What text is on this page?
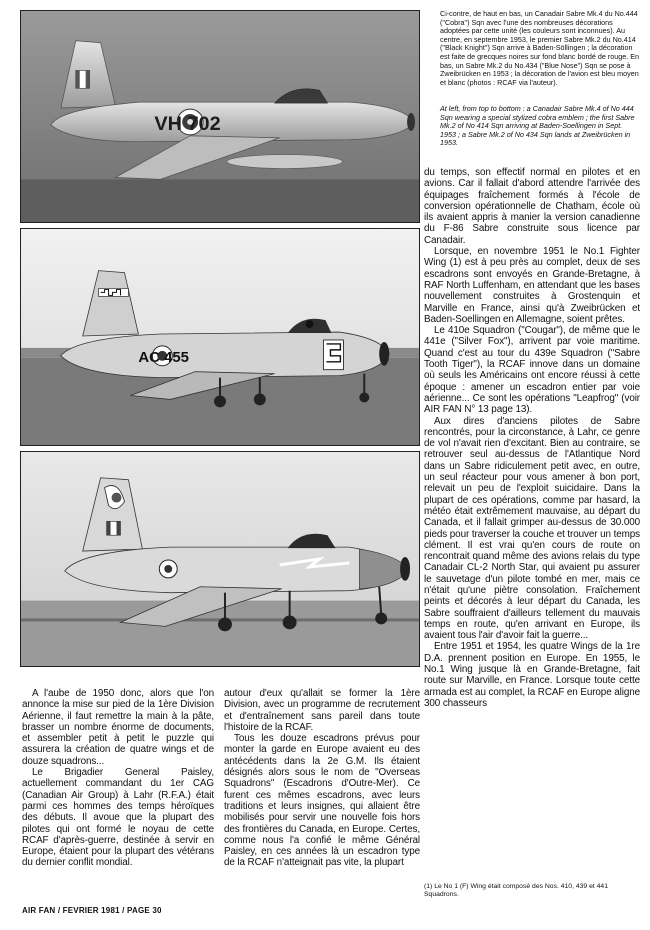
VH 702
AC 455
Ci-contre, de haut en bas, un Canadair Sabre Mk.4 du No.444 ("Cobra") Sqn avec l'une des nombreuses décorations adoptées par cette unité (les couleurs sont inconnues). Au centre, en septembre 1953, le premier Sabre Mk.2 du No.414 ("Black Knight") Sqn arrive à Baden-Söllingen ; la décoration est faite de grecques noires sur fond blanc bordé de rouge. En bas, un Sabre Mk.2 du No.434 ("Blue Nose") Sqn se pose à Zweibrücken en 1953 ; la décoration de l'avion est bleu moyen et blanc (photos : RCAF via l'auteur).
At left, from top to bottom : a Canadair Sabre Mk.4 of No 444 Sqn wearing a special stylized cobra emblem ; the first Sabre Mk.2 of No 414 Sqn arriving at Baden-Soellingen in Sept. 1953 ; a Sabre Mk.2 of No 434 Sqn lands at Zweibrücken in 1953.

du temps, son effectif normal en pilotes et en avions. Car il fallait d'abord attendre l'arrivée des équipages fraîchement formés à l'école de conversion opérationnelle de Chatham, école où ils avaient appris à manier la version canadienne du F-86 Sabre construite sous licence par Canadair.

Lorsque, en novembre 1951 le No.1 Fighter Wing (1) est à peu près au complet, deux de ses escadrons sont envoyés en Grande-Bretagne, à RAF North Luffenham, en attendant que les bases nouvellement construites à Grostenquin et Marville en France, ainsi qu'à Zweibrücken et Baden-Soellingen en Allemagne, soient prêtes.

Le 410e Squadron ("Cougar"), de même que le 441e ("Silver Fox"), arrivent par voie maritime. Quand c'est au tour du 439e Squadron ("Sabre Tooth Tiger"), la RCAF innove dans un domaine où seuls les Américains ont encore réussi à cette époque : amener un escadron entier par voie aérienne... Ce sont les opérations "Leapfrog" (voir AIR FAN N° 13 page 13).

Aux dires d'anciens pilotes de Sabre rencontrés, pour la circonstance, à Lahr, ce genre de vol n'avait rien d'excitant. Bien au contraire, se retrouver seul au-dessus de l'Atlantique Nord dans un Sabre ridiculement petit avec, en outre, un seul réacteur pour vous amener à bon port, relevait un peu de l'exploit suicidaire. Dans la plupart de ces opérations, comme par hasard, la météo était extrêmement mauvaise, au départ du Canada, et il fallait grimper au-dessus de 30.000 pieds pour traverser la couche et trouver un temps clément. Il est vrai qu'en cours de route on rencontrait quand même des avions relais du type Canadair CL-2 North Star, qui avaient pu assurer le sauvetage d'un pilote tombé en mer, mais ce n'était qu'une piètre consolation. Fraîchement peints et décorés à leur départ du Canada, les Sabre souffraient d'ailleurs tellement du mauvais temps en route, qu'en arrivant en Europe, ils avaient tous l'air d'avoir fait la guerre...

Entre 1951 et 1954, les quatre Wings de la 1re D.A. prennent position en Europe. En 1955, le No.1 Wing jusque là en Grande-Bretagne, fait route sur Marville, en France. Lorsque toute cette armada est au complet, la RCAF en Europe aligne 300 chasseurs

A l'aube de 1950 donc, alors que l'on annonce la mise sur pied de la 1ère Division Aérienne, il faut remettre la main à la pâte, brasser un nombre énorme de documents, et assembler petit à petit le puzzle qui assurera la création de quatre wings et de douze squadrons...

Le Brigadier General Paisley, actuellement commandant du 1er CAG (Canadian Air Group) à Lahr (R.F.A.) était parmi ces hommes des temps héroïques des débuts. Il avoue que la plupart des pilotes qui ont formé le noyau de cette RCAF d'après-guerre, destinée à servir en Europe, étaient pour la plupart des vétérans du dernier conflit mondial.

autour d'eux qu'allait se former la 1ère Division, avec un programme de recrutement et d'entraînement sans pareil dans toute l'histoire de la RCAF.

Tous les douze escadrons prévus pour monter la garde en Europe avaient eu des antécédents dans la 2e G.M. Ils étaient désignés alors sous le nom de "Overseas Squadrons" (Escadrons d'Outre-Mer). Ce furent ces mêmes escadrons, avec leurs traditions et leurs insignes, qui allaient être mobilisés pour servir une nouvelle fois hors des frontières du Canada, en Europe. Certes, comme nous l'a confié le même Général Paisley, en ces années là un escadron type de la RCAF n'atteignait pas vite, la plupart

(1) Le No 1 (F) Wing était composé des Nos. 410, 439 et 441 Squadrons.
AIR FAN / FEVRIER 1981 / PAGE 30
